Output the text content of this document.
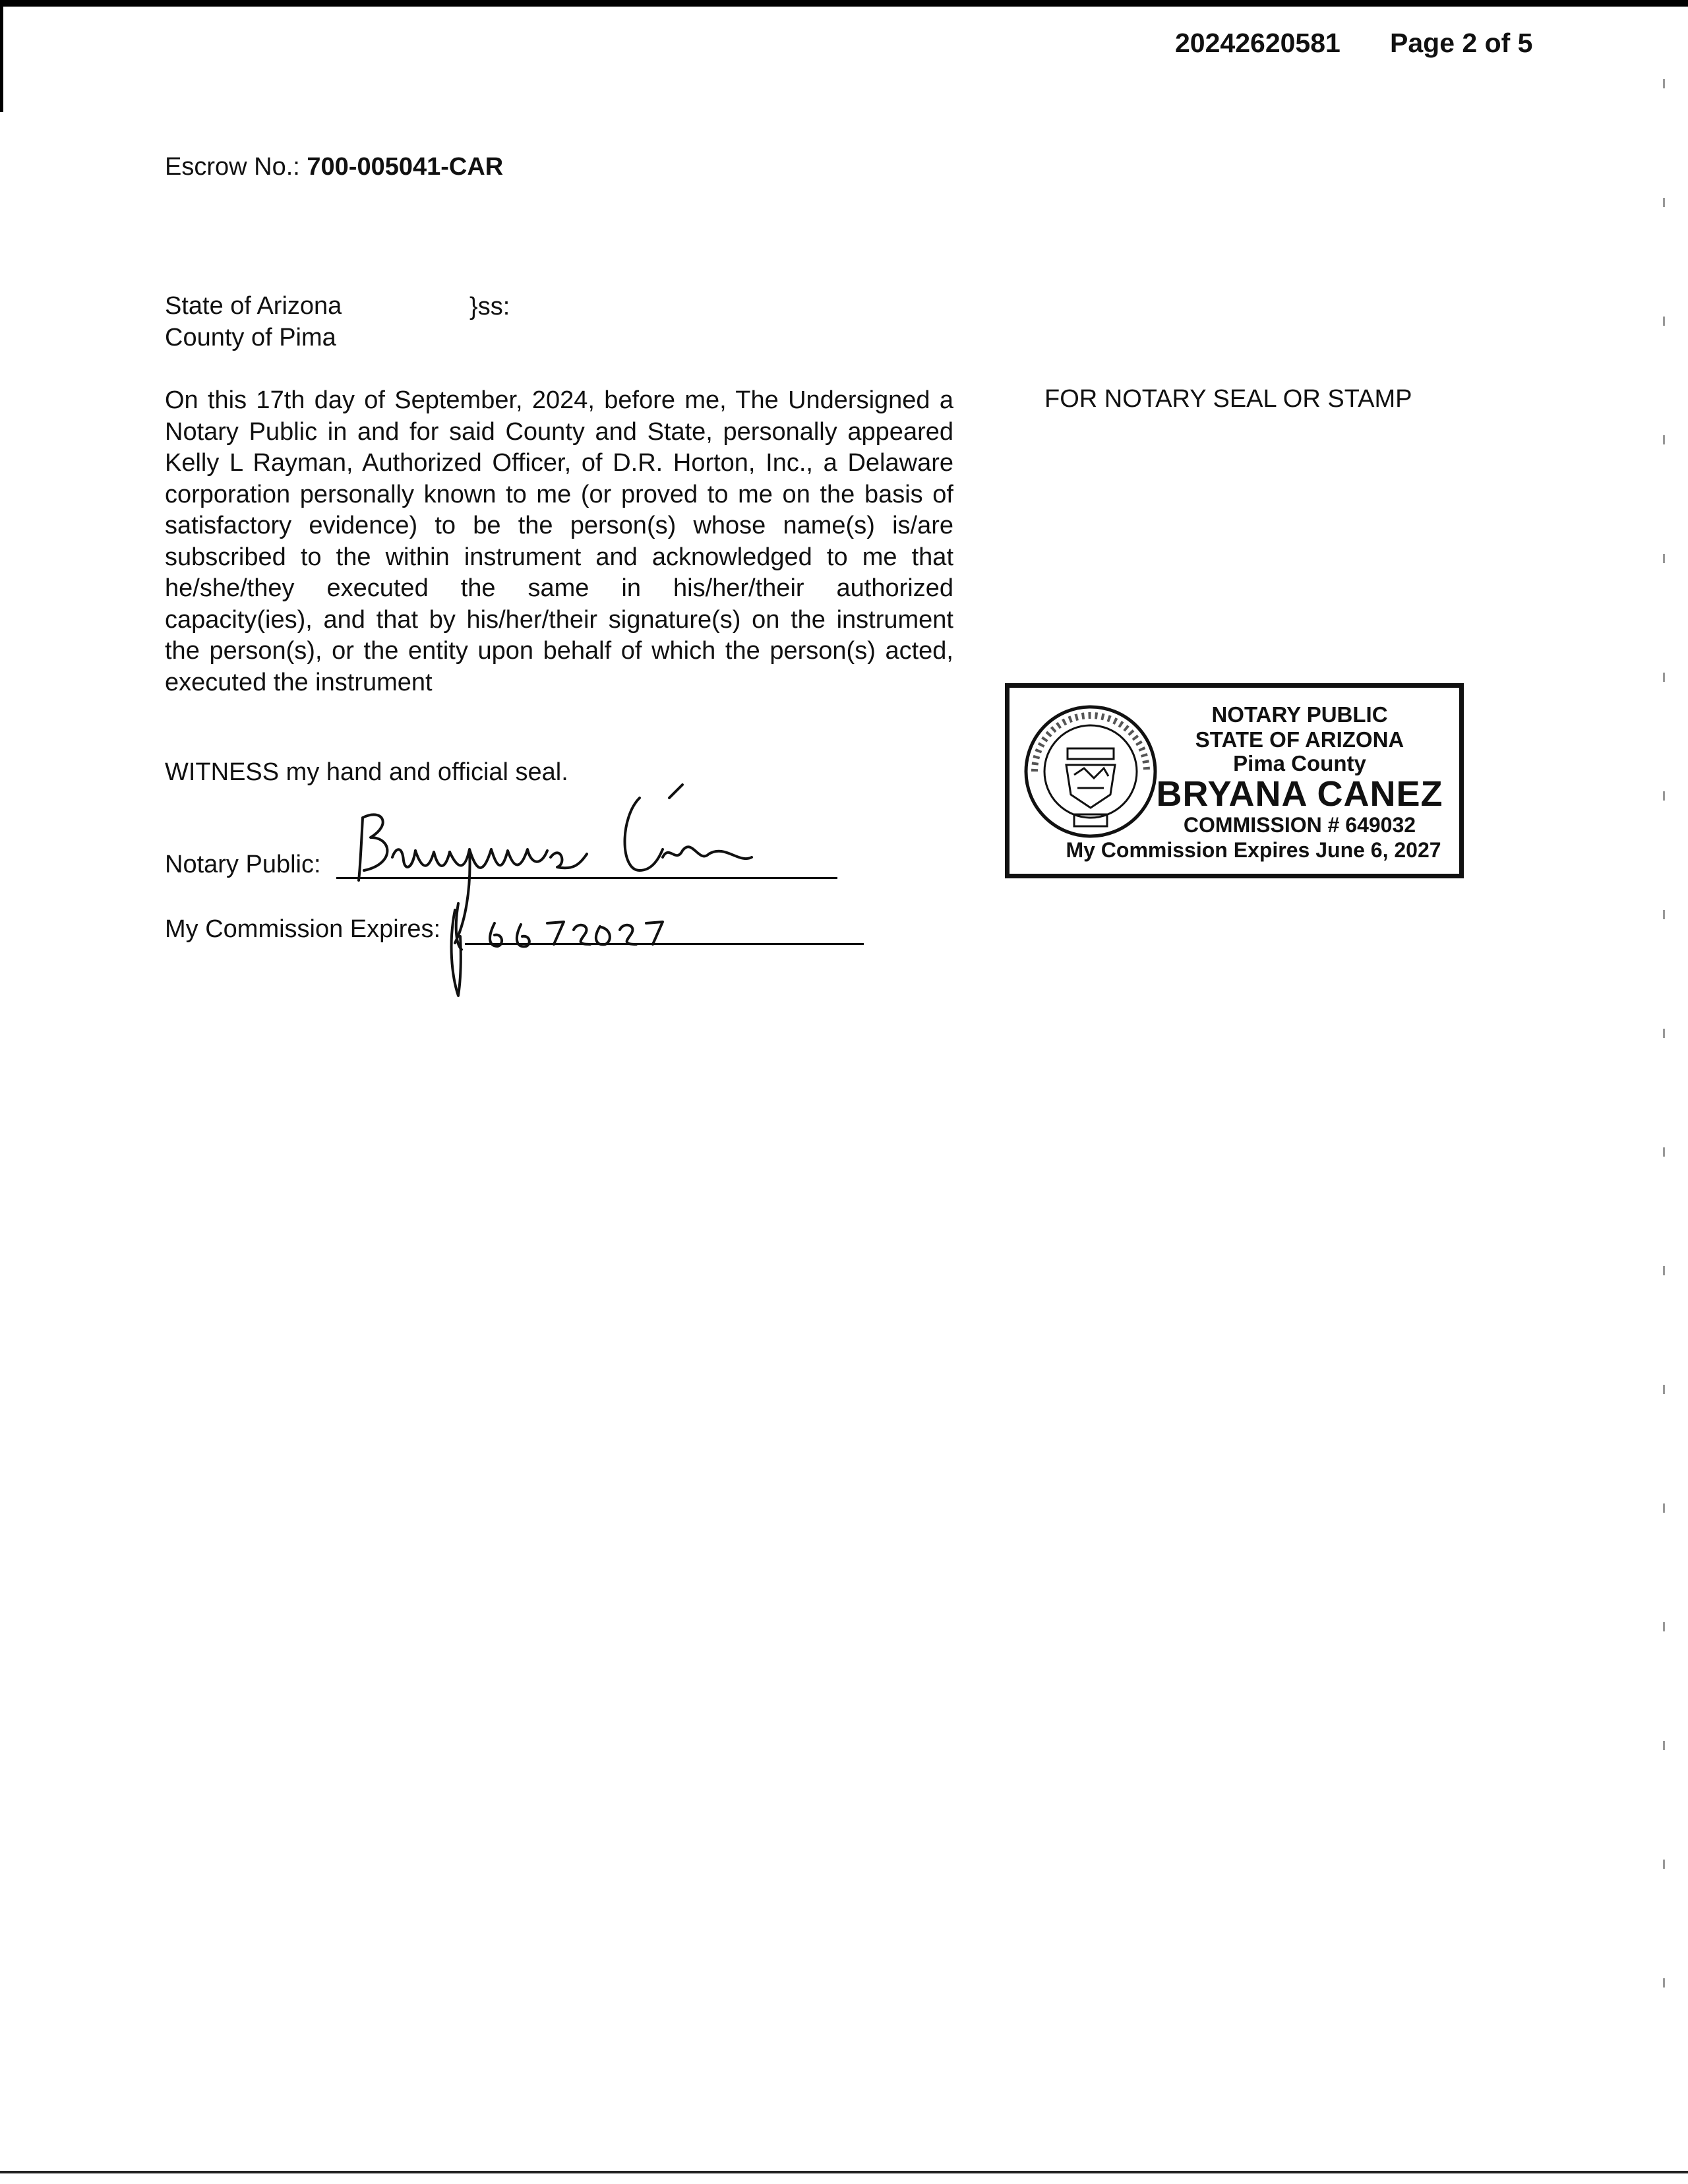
20242620581 Page 2 of 5
Escrow No.: 700-005041-CAR
State of Arizona
County of Pima
}ss:

On this 17th day of September, 2024, before me, The Undersigned a Notary Public in and for said County and State, personally appeared Kelly L Rayman, Authorized Officer, of D.R. Horton, Inc., a Delaware corporation personally known to me (or proved to me on the basis of satisfactory evidence) to be the person(s) whose name(s) is/are subscribed to the within instrument and acknowledged to me that he/she/they executed the same in his/her/their authorized capacity(ies), and that by his/her/their signature(s) on the instrument the person(s), or the entity upon behalf of which the person(s) acted, executed the instrument

FOR NOTARY SEAL OR STAMP
WITNESS my hand and official seal.
Notary Public:
My Commission Expires:
NOTARY PUBLIC
STATE OF ARIZONA
Pima County
BRYANA CANEZ
COMMISSION # 649032
My Commission Expires June 6, 2027
